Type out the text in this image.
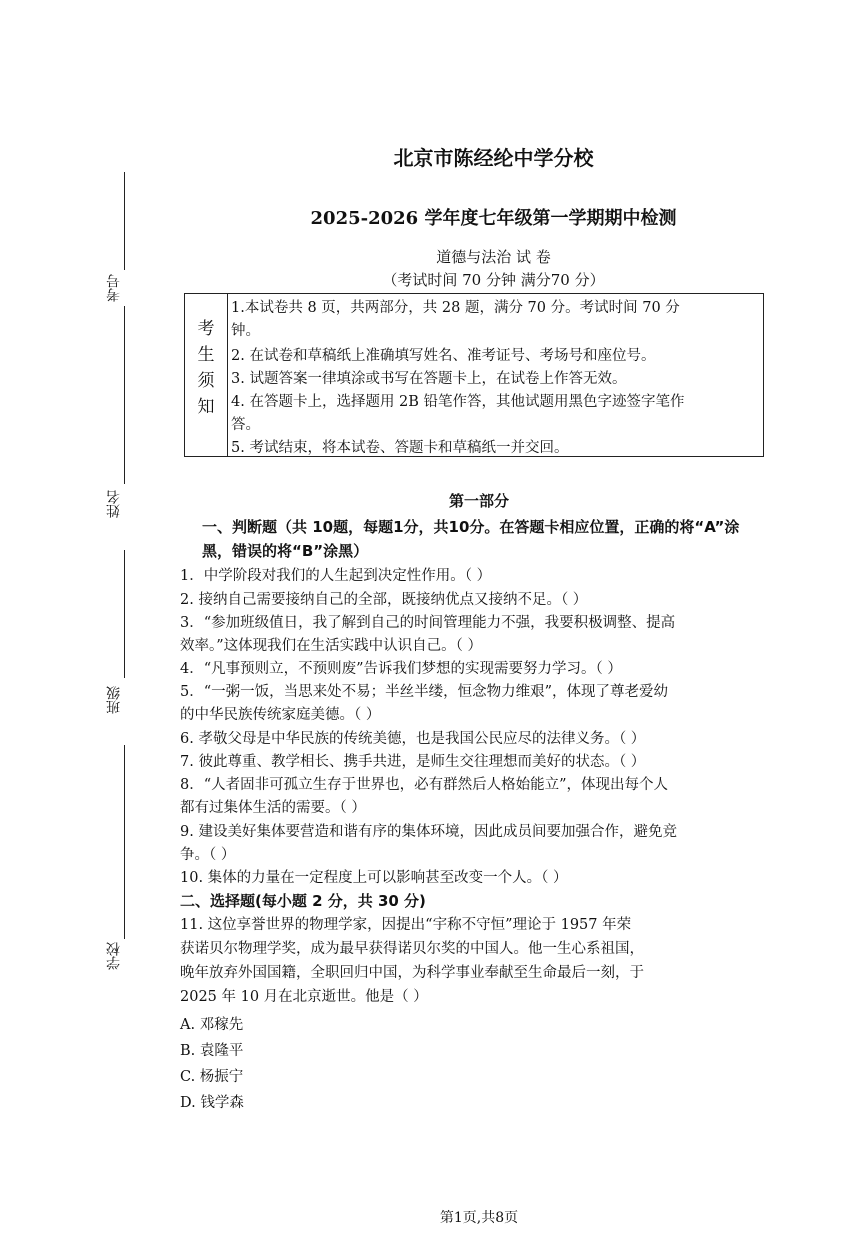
考号
姓名
班级
学校
北京市陈经纶中学分校
2025-2026 学年度七年级第一学期期中检测
道德与法治 试 卷
（考试时间 70 分钟 满分70 分）
考
生
须
知
1.本试卷共 8 页，共两部分，共 28 题，满分 70 分。考试时间 70 分
钟。
2. 在试卷和草稿纸上准确填写姓名、准考证号、考场号和座位号。
3. 试题答案一律填涂或书写在答题卡上，在试卷上作答无效。
4. 在答题卡上，选择题用 2B 铅笔作答，其他试题用黑色字迹签字笔作
答。
5. 考试结束，将本试卷、答题卡和草稿纸一并交回。
第一部分
一、判断题（共 10题，每题1分，共10分。在答题卡相应位置，正确的将“A”涂
黑，错误的将“B”涂黑）
1．中学阶段对我们的人生起到决定性作用。（ ）
2. 接纳自己需要接纳自己的全部，既接纳优点又接纳不足。（ ）
3．“参加班级值日，我了解到自己的时间管理能力不强，我要积极调整、提高
效率。”这体现我们在生活实践中认识自己。（ ）
4．“凡事预则立，不预则废”告诉我们梦想的实现需要努力学习。（ ）
5．“一粥一饭，当思来处不易；半丝半缕，恒念物力维艰”，体现了尊老爱幼
的中华民族传统家庭美德。（ ）
6. 孝敬父母是中华民族的传统美德，也是我国公民应尽的法律义务。（ ）
7. 彼此尊重、教学相长、携手共进，是师生交往理想而美好的状态。（ ）
8．“人者固非可孤立生存于世界也，必有群然后人格始能立”，体现出每个人
都有过集体生活的需要。（ ）
9. 建设美好集体要营造和谐有序的集体环境，因此成员间要加强合作，避免竞
争。（ ）
10. 集体的力量在一定程度上可以影响甚至改变一个人。（ ）
二、选择题(每小题 2 分，共 30 分)
11. 这位享誉世界的物理学家，因提出“宇称不守恒”理论于 1957 年荣
获诺贝尔物理学奖，成为最早获得诺贝尔奖的中国人。他一生心系祖国，
晚年放弃外国国籍，全职回归中国，为科学事业奉献至生命最后一刻，于
2025 年 10 月在北京逝世。他是（ ）
A. 邓稼先
B. 袁隆平
C. 杨振宁
D. 钱学森
第1页,共8页
